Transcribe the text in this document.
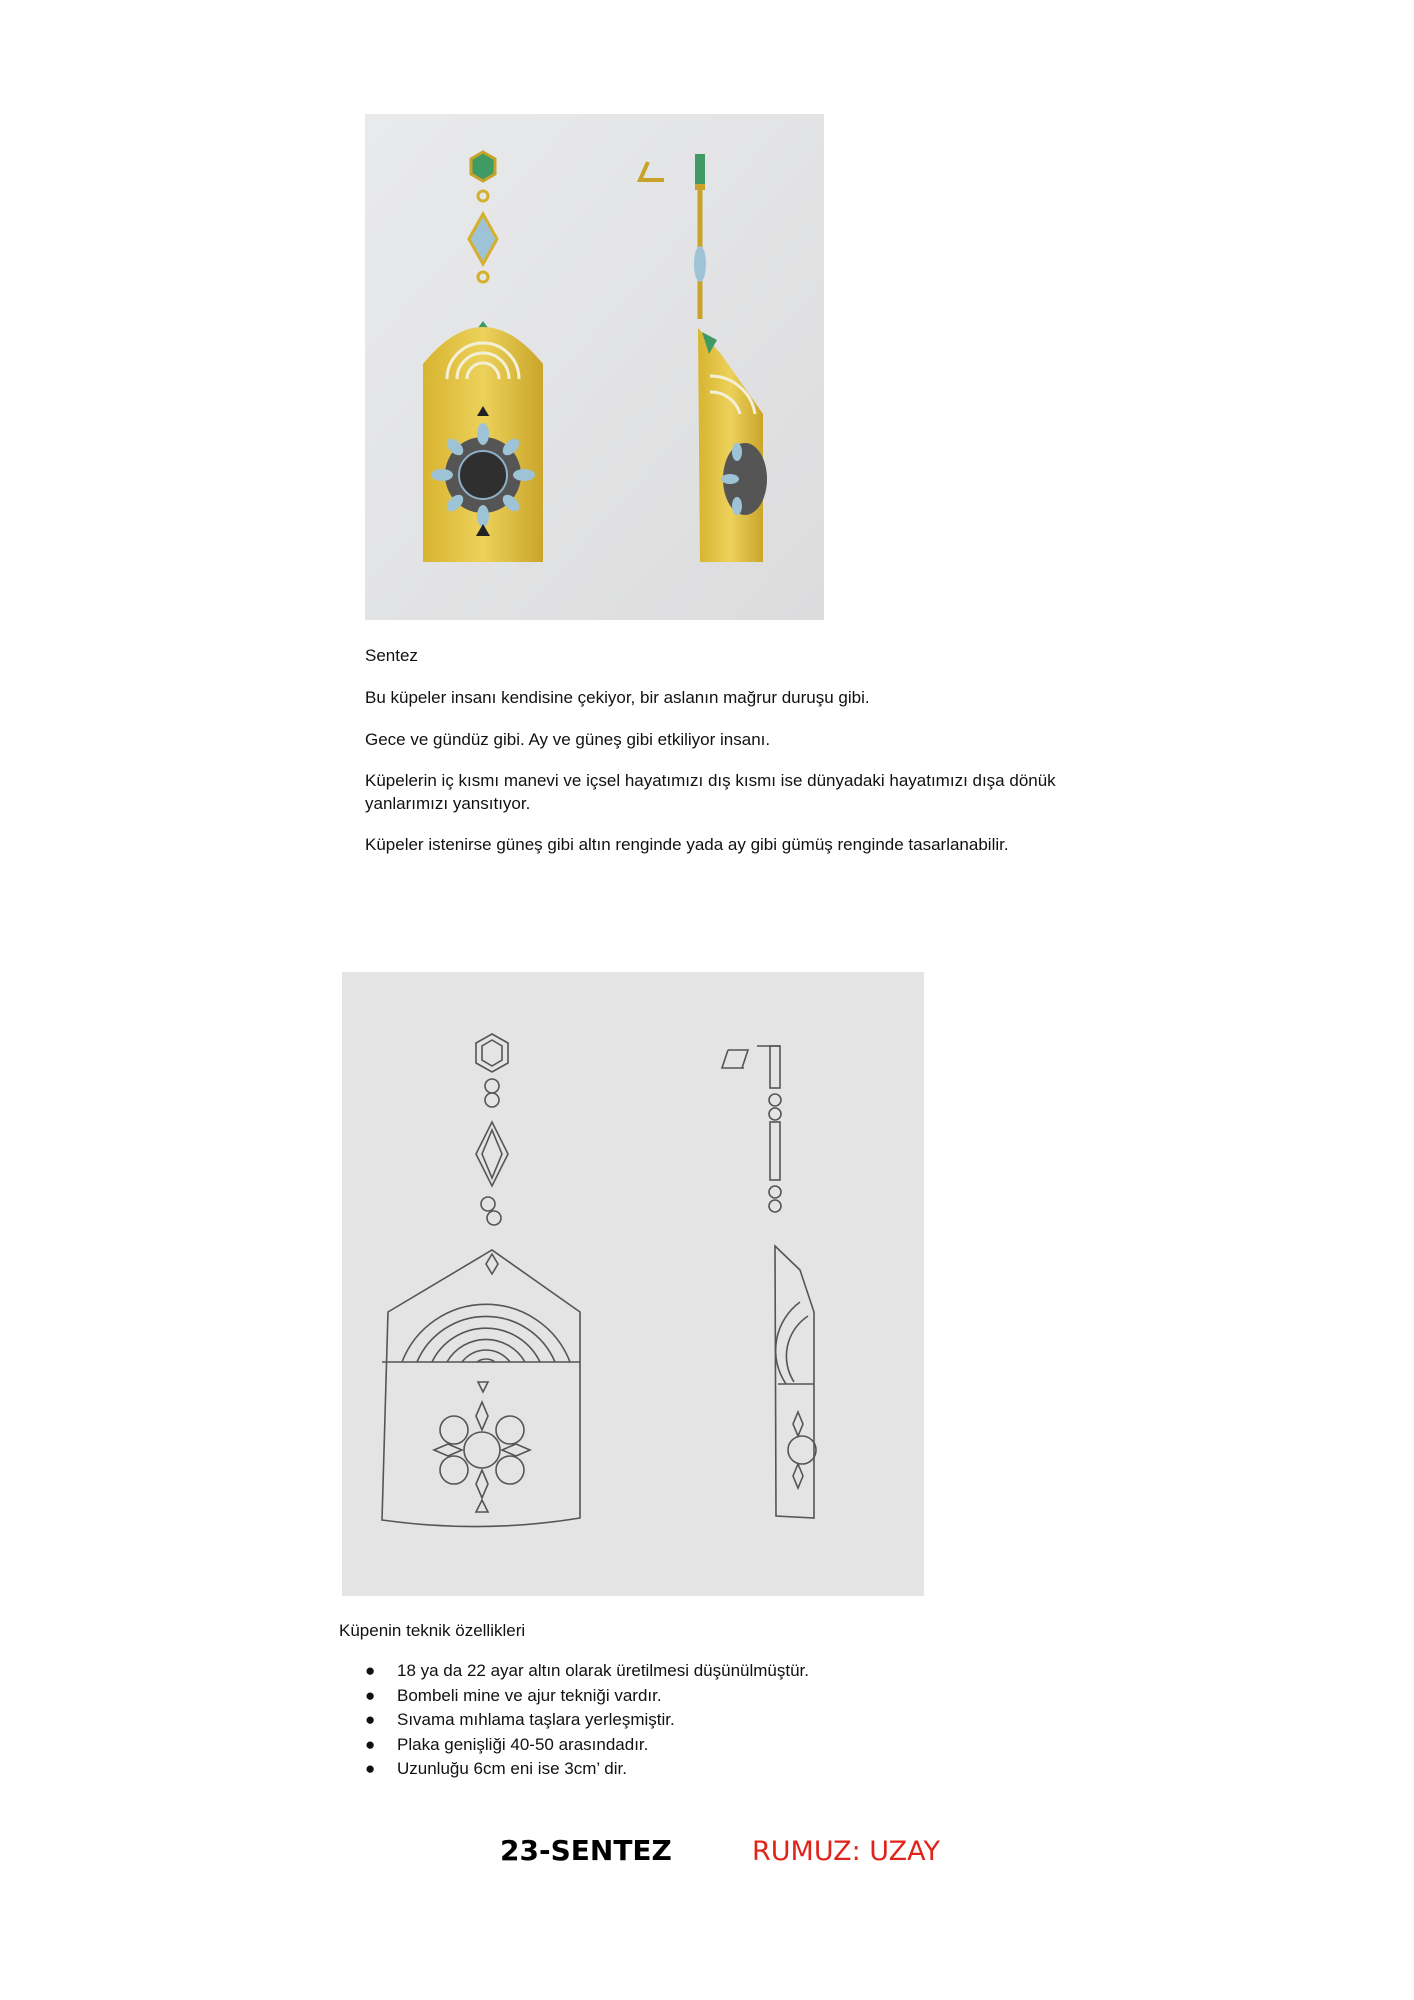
Sentez

Bu küpeler insanı kendisine çekiyor, bir aslanın mağrur duruşu gibi.

Gece ve gündüz gibi. Ay ve güneş gibi etkiliyor insanı.

Küpelerin iç kısmı manevi ve içsel hayatımızı dış kısmı ise dünyadaki hayatımızı dışa dönük yanlarımızı yansıtıyor.

Küpeler istenirse güneş gibi altın renginde yada ay gibi gümüş renginde tasarlanabilir.

Küpenin teknik özellikleri

● 18 ya da 22 ayar altın olarak üretilmesi düşünülmüştür.
● Bombeli mine ve ajur tekniği vardır.
● Sıvama mıhlama taşlara yerleşmiştir.
● Plaka genişliği 40-50 arasındadır.
● Uzunluğu 6cm eni ise 3cm’ dir.
23-SENTEZ	RUMUZ: UZAY
